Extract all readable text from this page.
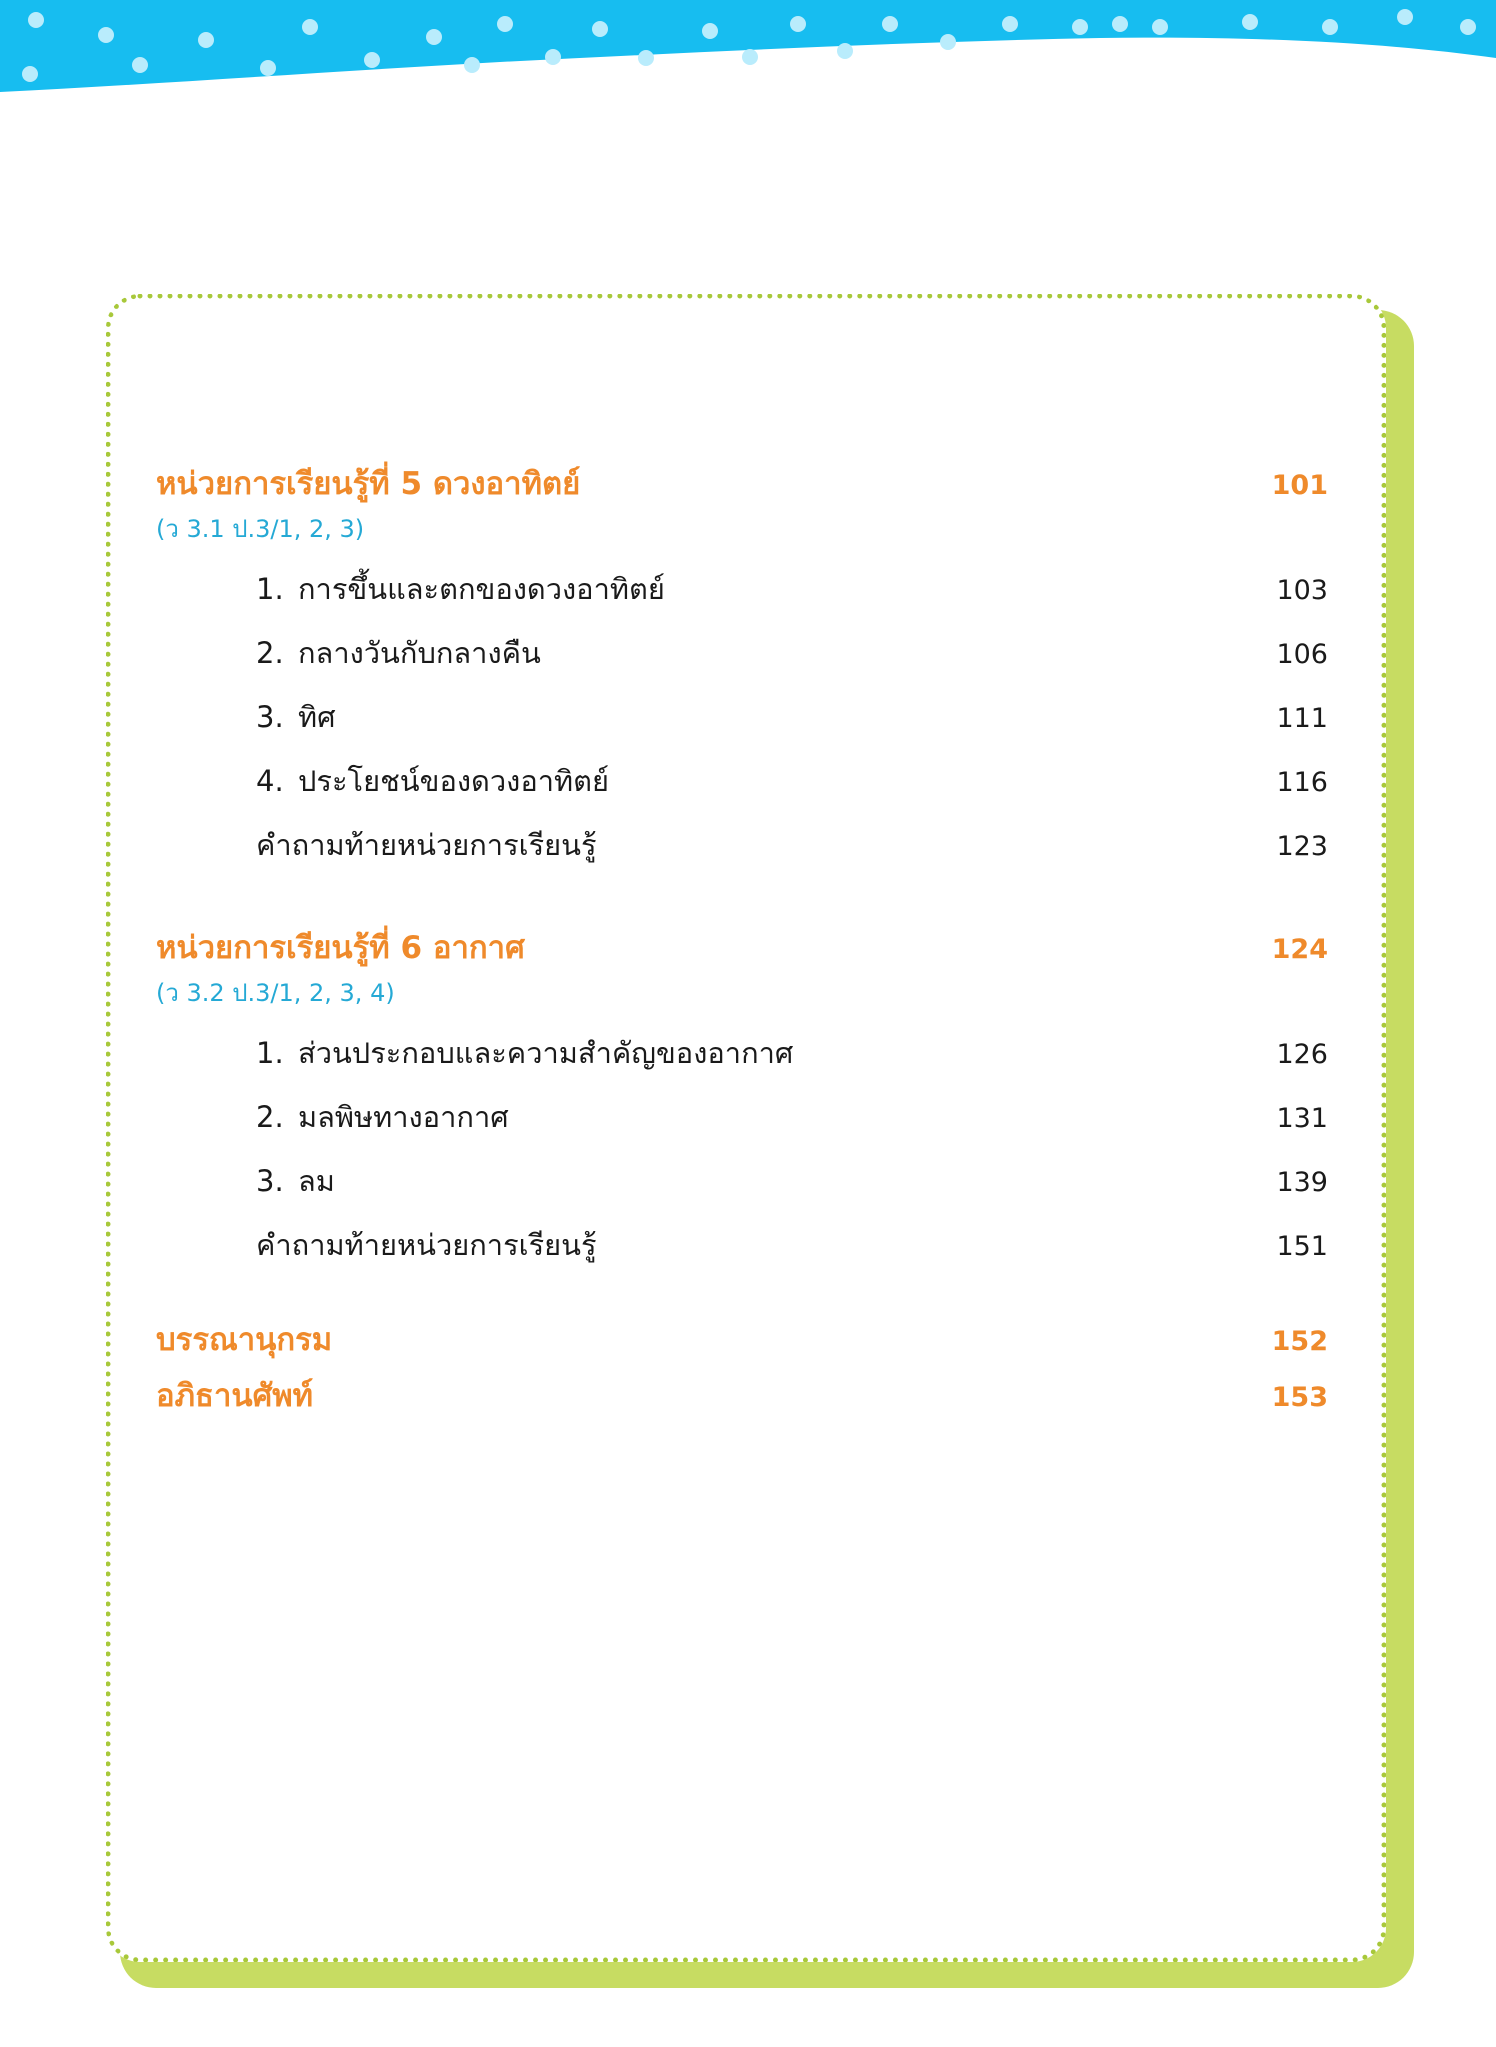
หน่วยการเรียนรู้ที่ 5 ดวงอาทิตย์	101
(ว 3.1 ป.3/1, 2, 3)
1. การขึ้นและตกของดวงอาทิตย์	103
2. กลางวันกับกลางคืน	106
3. ทิศ	111
4. ประโยชน์ของดวงอาทิตย์	116
คำถามท้ายหน่วยการเรียนรู้	123
หน่วยการเรียนรู้ที่ 6 อากาศ	124
(ว 3.2 ป.3/1, 2, 3, 4)
1. ส่วนประกอบและความสำคัญของอากาศ	126
2. มลพิษทางอากาศ	131
3. ลม	139
คำถามท้ายหน่วยการเรียนรู้	151
บรรณานุกรม	152
อภิธานศัพท์	153
